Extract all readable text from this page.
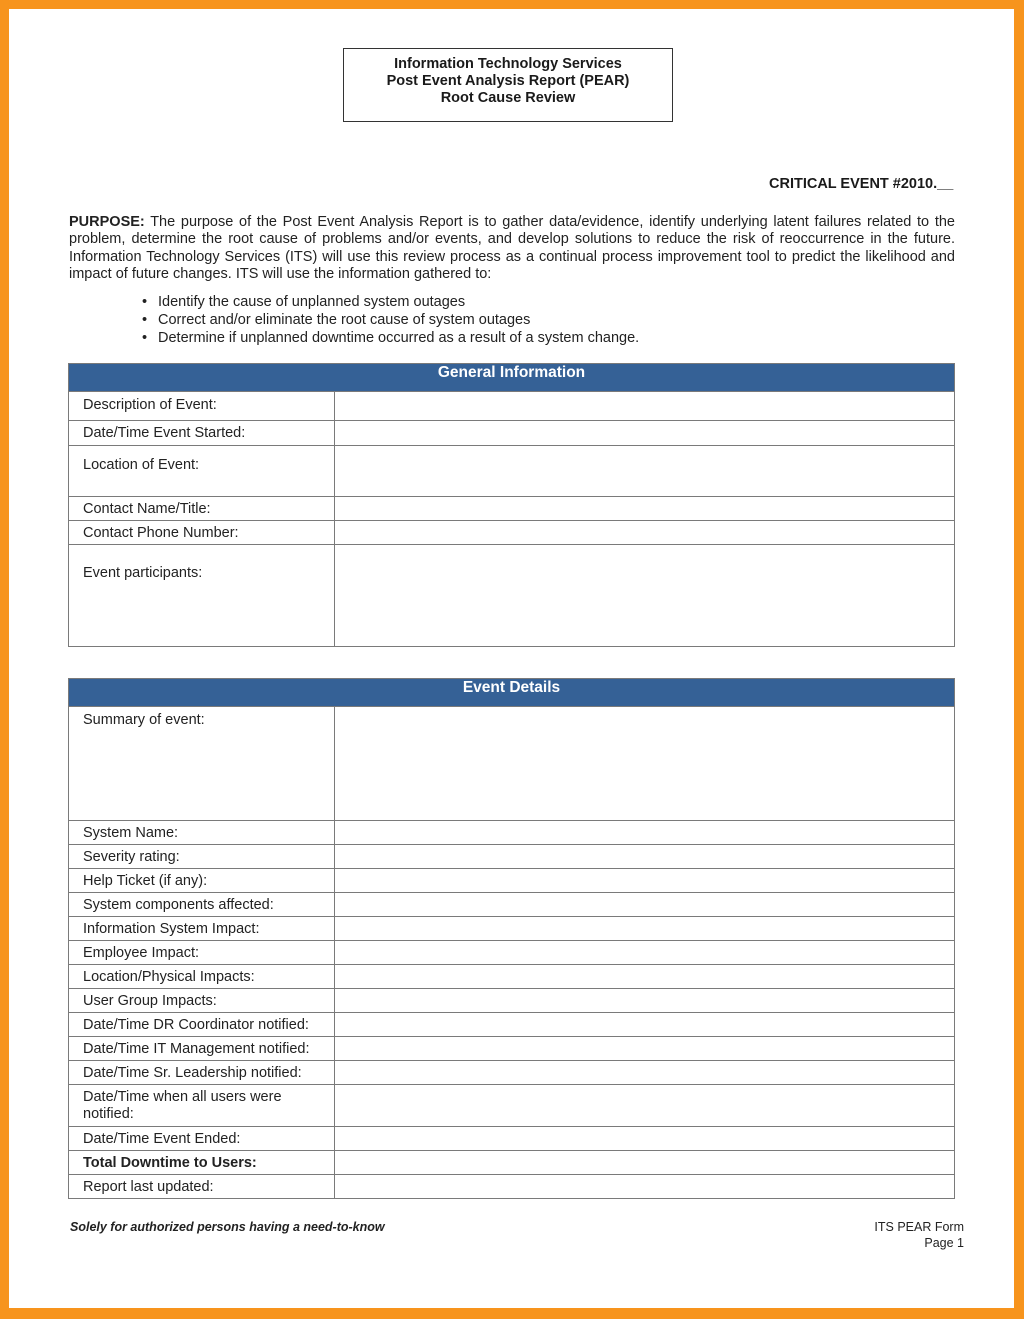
Information Technology Services
Post Event Analysis Report (PEAR)
Root Cause Review
CRITICAL EVENT #2010.__
PURPOSE: The purpose of the Post Event Analysis Report is to gather data/evidence, identify underlying latent failures related to the problem, determine the root cause of problems and/or events, and develop solutions to reduce the risk of reoccurrence in the future. Information Technology Services (ITS) will use this review process as a continual process improvement tool to predict the likelihood and impact of future changes. ITS will use the information gathered to:
• Identify the cause of unplanned system outages
• Correct and/or eliminate the root cause of system outages
• Determine if unplanned downtime occurred as a result of a system change.
General Information	
Description of Event:	
Date/Time Event Started:	
Location of Event:	
Contact Name/Title:	
Contact Phone Number:	
Event participants:	
Event Details	
Summary of event:	
System Name:	
Severity rating:	
Help Ticket (if any):	
System components affected:	
Information System Impact:	
Employee Impact:	
Location/Physical Impacts:	
User Group Impacts:	
Date/Time DR Coordinator notified:	
Date/Time IT Management notified:	
Date/Time Sr. Leadership notified:	
Date/Time when all users were notified:	
Date/Time Event Ended:	
Total Downtime to Users:	
Report last updated:	
Solely for authorized persons having a need-to-know	ITS PEAR Form
Page 1
